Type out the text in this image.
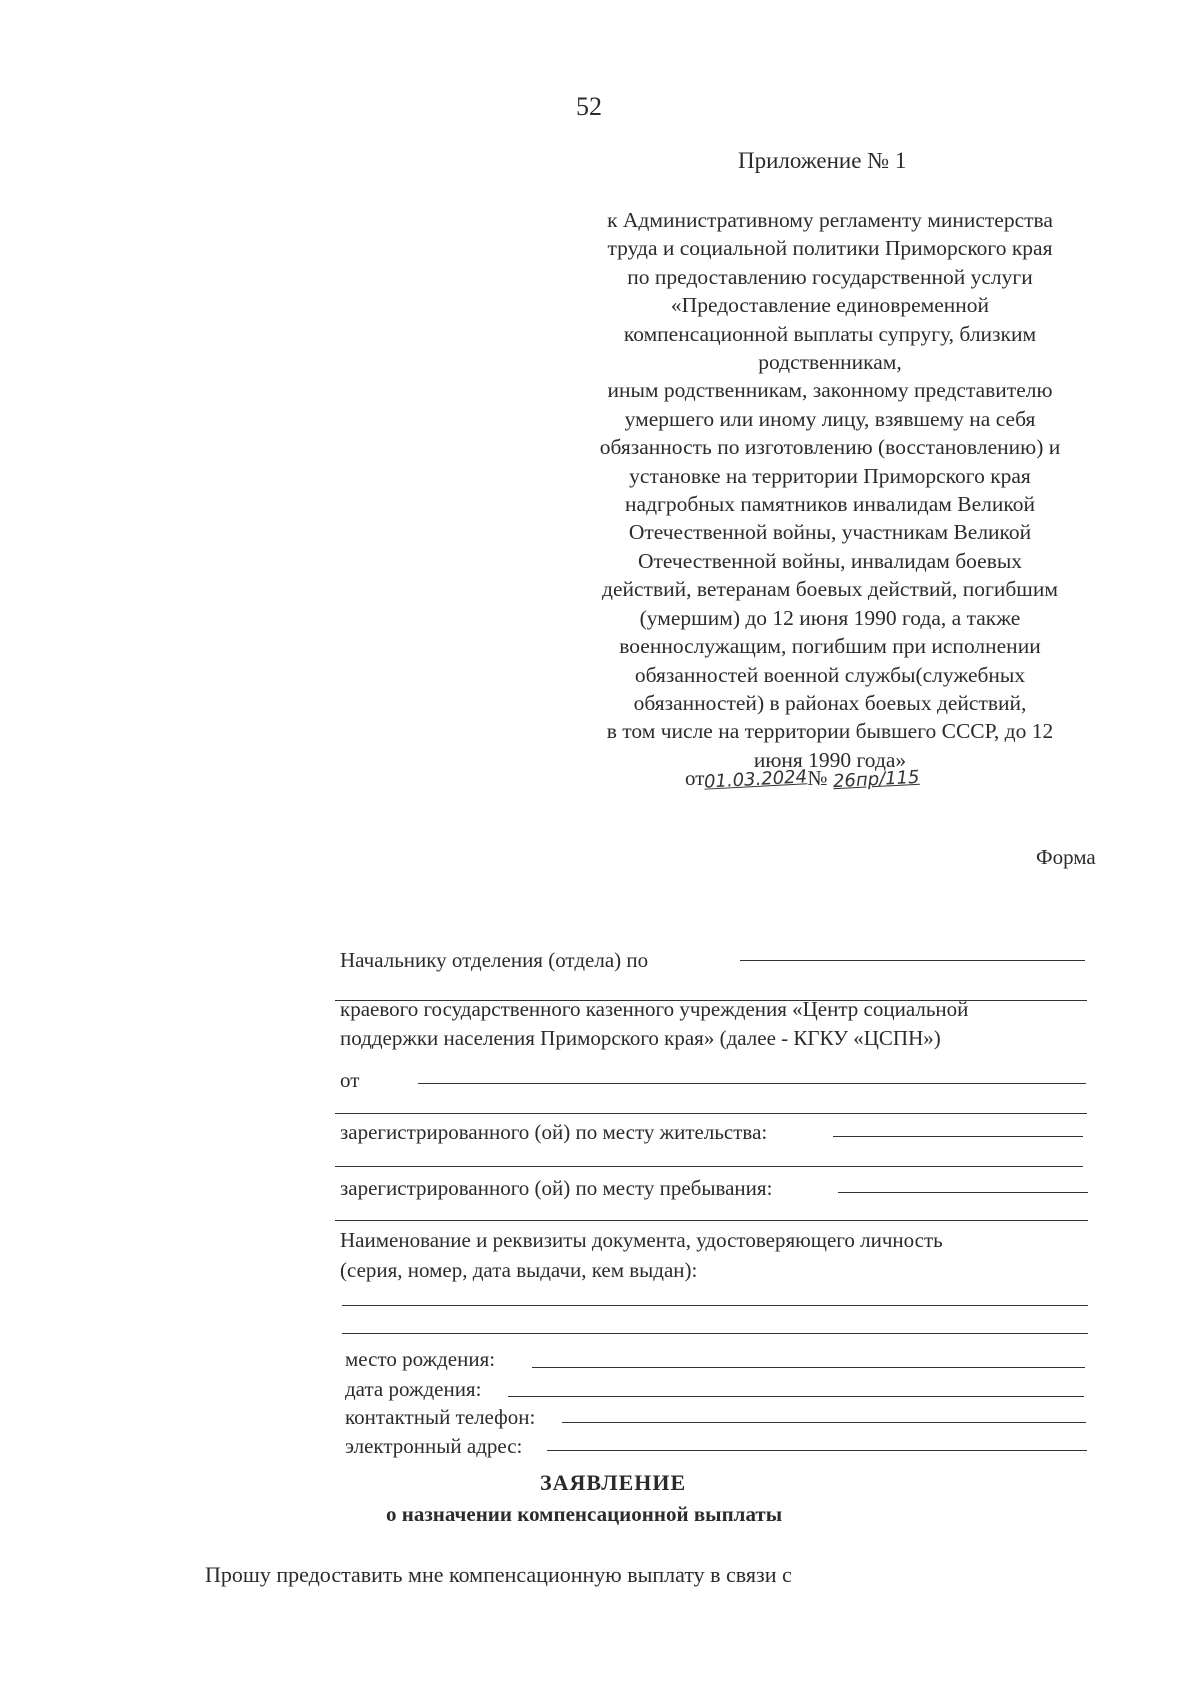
52
Приложение № 1
к Административному регламенту министерства
труда и социальной политики Приморского края
по предоставлению государственной услуги
«Предоставление единовременной
компенсационной выплаты супругу, близким
родственникам,
иным родственникам, законному представителю
умершего или иному лицу, взявшему на себя
обязанность по изготовлению (восстановлению) и
установке на территории Приморского края
надгробных памятников инвалидам Великой
Отечественной войны, участникам Великой
Отечественной войны, инвалидам боевых
действий, ветеранам боевых действий, погибшим
(умершим) до 12 июня 1990 года, а также
военнослужащим, погибшим при исполнении
обязанностей военной службы(служебных
обязанностей) в районах боевых действий,
в том числе на территории бывшего СССР, до 12
июня 1990 года»
от01.03.2024№ 26пр/115
Форма
Начальнику отделения (отдела) по
краевого государственного казенного учреждения «Центр социальной
поддержки населения Приморского края» (далее - КГКУ «ЦСПН»)
от
зарегистрированного (ой) по месту жительства:
зарегистрированного (ой) по месту пребывания:
Наименование и реквизиты документа, удостоверяющего личность
(серия, номер, дата выдачи, кем выдан):
место рождения:
дата рождения:
контактный телефон:
электронный адрес:
ЗАЯВЛЕНИЕ
о назначении компенсационной выплаты
Прошу предоставить мне компенсационную выплату в связи с
